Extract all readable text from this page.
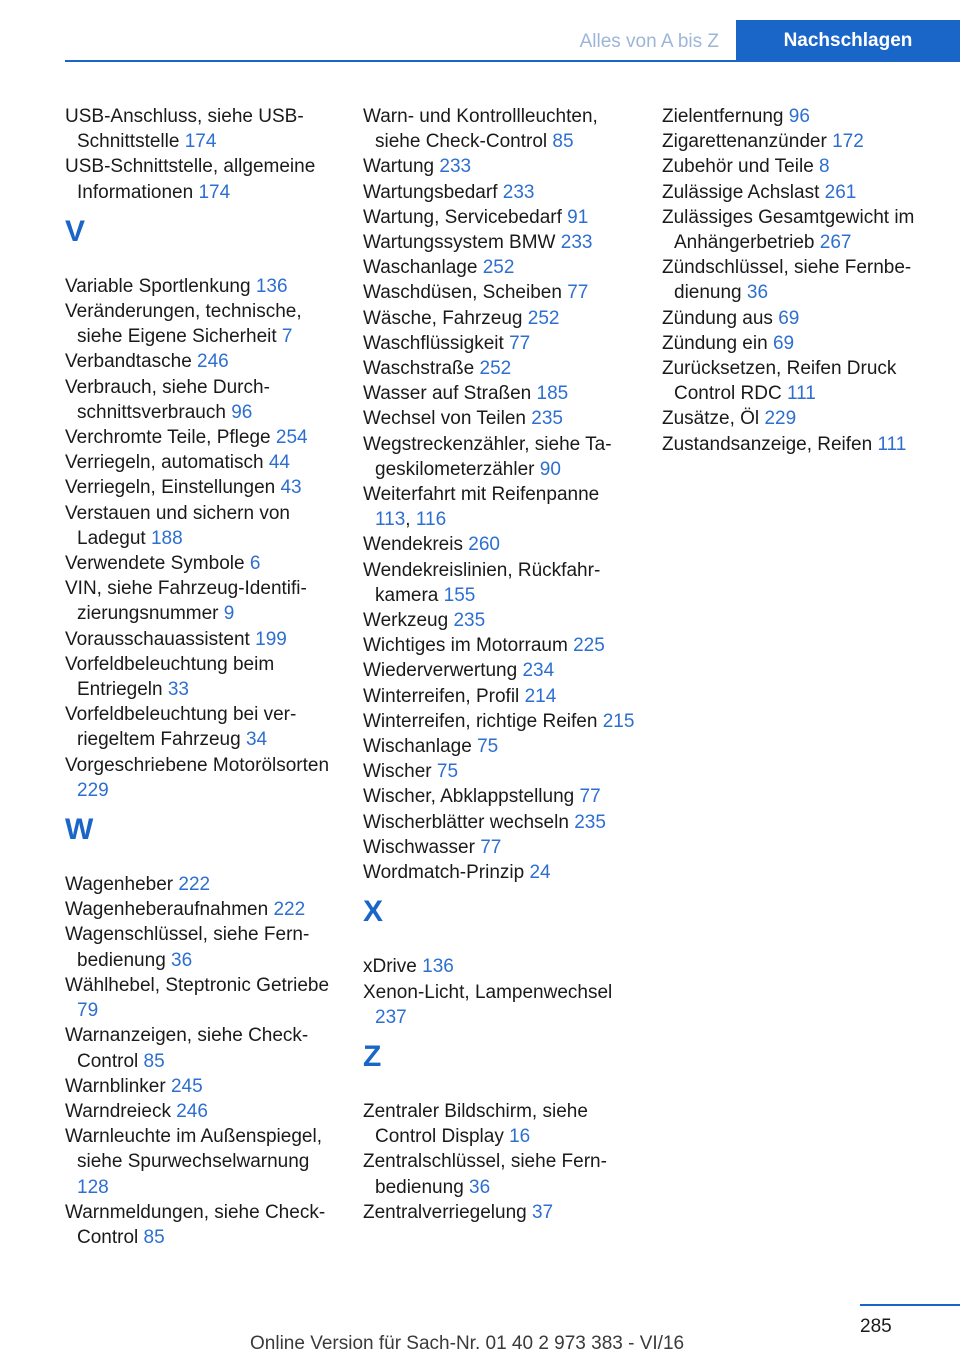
Alles von A bis Z	Nachschlagen
USB-Anschluss, siehe USB-Schnittstelle 174
USB-Schnittstelle, allgemeine Informationen 174
V
Variable Sportlenkung 136
Veränderungen, technische, siehe Eigene Sicherheit 7
Verbandtasche 246
Verbrauch, siehe Durchschnittsverbrauch 96
Verchromte Teile, Pflege 254
Verriegeln, automatisch 44
Verriegeln, Einstellungen 43
Verstauen und sichern von Ladegut 188
Verwendete Symbole 6
VIN, siehe Fahrzeug-Identifizierungsnummer 9
Vorausschauassistent 199
Vorfeldbeleuchtung beim Entriegeln 33
Vorfeldbeleuchtung bei verriegeltem Fahrzeug 34
Vorgeschriebene Motorölsorten 229
W
Wagenheber 222
Wagenheberaufnahmen 222
Wagenschlüssel, siehe Fernbedienung 36
Wählhebel, Steptronic Getriebe 79
Warnanzeigen, siehe Check-Control 85
Warnblinker 245
Warndreieck 246
Warnleuchte im Außenspiegel, siehe Spurwechselwarnung 128
Warnmeldungen, siehe Check-Control 85
Warn- und Kontrollleuchten, siehe Check-Control 85
Wartung 233
Wartungsbedarf 233
Wartung, Servicebedarf 91
Wartungssystem BMW 233
Waschanlage 252
Waschdüsen, Scheiben 77
Wäsche, Fahrzeug 252
Waschflüssigkeit 77
Waschstraße 252
Wasser auf Straßen 185
Wechsel von Teilen 235
Wegstreckenzähler, siehe Tageskilometerzähler 90
Weiterfahrt mit Reifenpanne 113, 116
Wendekreis 260
Wendekreislinien, Rückfahrkamera 155
Werkzeug 235
Wichtiges im Motorraum 225
Wiederverwertung 234
Winterreifen, Profil 214
Winterreifen, richtige Reifen 215
Wischanlage 75
Wischer 75
Wischer, Abklappstellung 77
Wischerblätter wechseln 235
Wischwasser 77
Wordmatch-Prinzip 24
X
xDrive 136
Xenon-Licht, Lampenwechsel 237
Z
Zentraler Bildschirm, siehe Control Display 16
Zentralschlüssel, siehe Fernbedienung 36
Zentralverriegelung 37
Zielentfernung 96
Zigarettenanzünder 172
Zubehör und Teile 8
Zulässige Achslast 261
Zulässiges Gesamtgewicht im Anhängerbetrieb 267
Zündschlüssel, siehe Fernbedienung 36
Zündung aus 69
Zündung ein 69
Zurücksetzen, Reifen Druck Control RDC 111
Zusätze, Öl 229
Zustandsanzeige, Reifen 111
285
Online Version für Sach-Nr. 01 40 2 973 383 - VI/16
